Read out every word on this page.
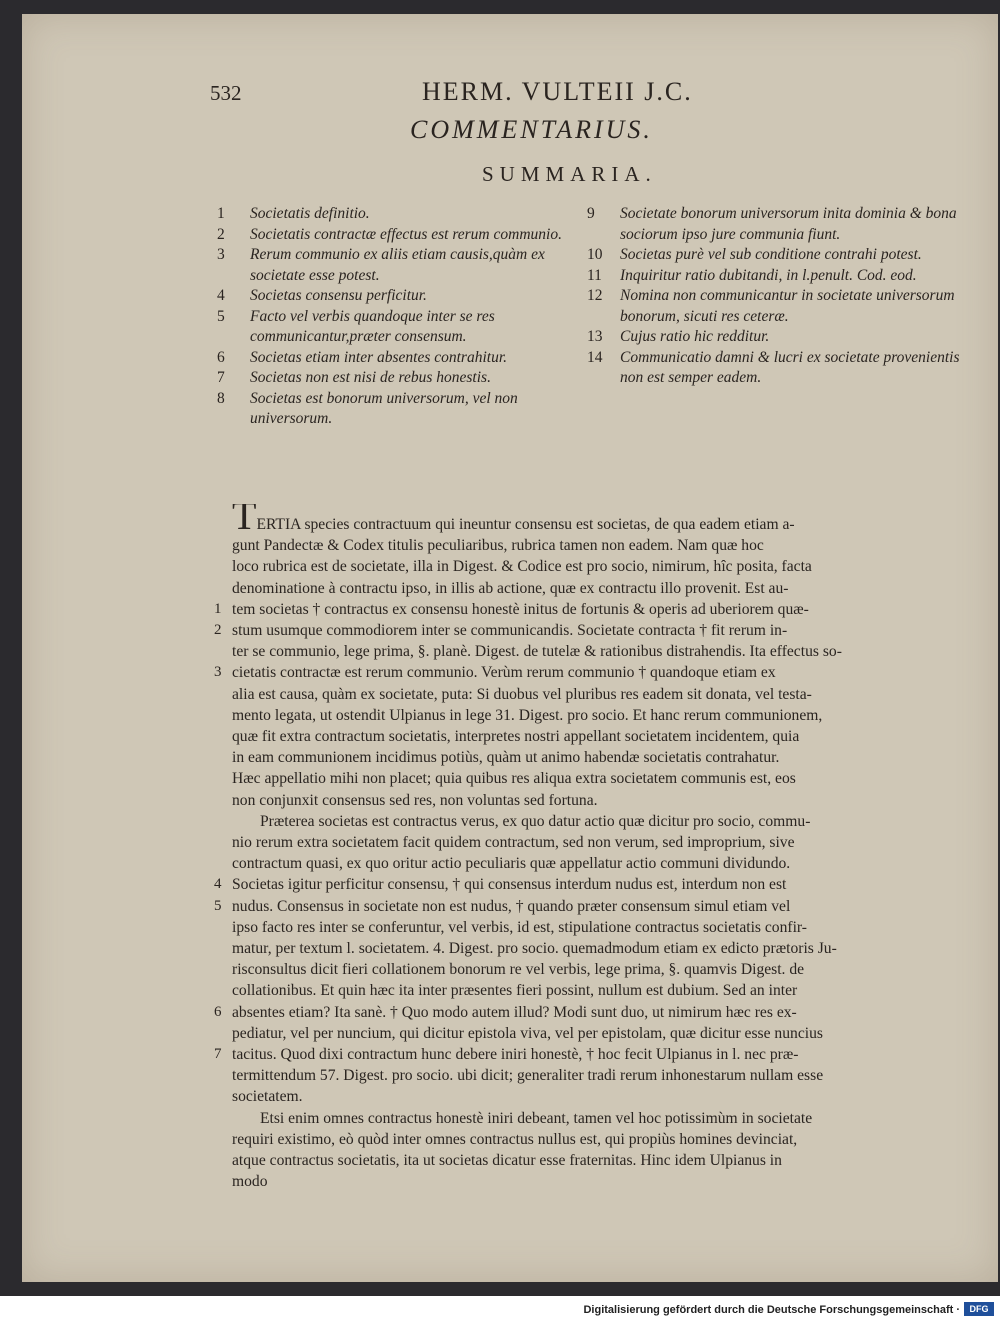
532	HERM. VULTEII J.C.
COMMENTARIUS.
SUMMARIA.
1	Societatis definitio.
2	Societatis contractæ effectus est rerum communio.
3	Rerum communio ex aliis etiam causis,quàm ex societate esse potest.
4	Societas consensu perficitur.
5	Facto vel verbis quandoque inter se res communicantur,præter consensum.
6	Societas etiam inter absentes contrahitur.
7	Societas non est nisi de rebus honestis.
8	Societas est bonorum universorum, vel non universorum.
9	Societate bonorum universorum inita dominia & bona sociorum ipso jure communia fiunt.
10	Societas purè vel sub conditione contrahi potest.
11	Inquiritur ratio dubitandi, in l.penult. Cod. eod.
12	Nomina non communicantur in societate universorum bonorum, sicuti res ceteræ.
13	Cujus ratio hic redditur.
14	Communicatio damni & lucri ex societate provenientis non est semper eadem.
TERTIA species contractuum qui ineuntur consensu est societas, de qua eadem etiam a-
gunt Pandectæ & Codex titulis peculiaribus, rubrica tamen non eadem. Nam quæ hoc
loco rubrica est de societate, illa in Digest. & Codice est pro socio, nimirum, hîc posita, facta
denominatione à contractu ipso, in illis ab actione, quæ ex contractu illo provenit. Est au-
1 tem societas † contractus ex consensu honestè initus de fortunis & operis ad uberiorem quæ-
2 stum usumque commodiorem inter se communicandis. Societate contracta † fit rerum in-
ter se communio, lege prima, §. planè. Digest. de tutelæ & rationibus distrahendis. Ita effectus so-
3 cietatis contractæ est rerum communio. Verùm rerum communio † quandoque etiam ex
alia est causa, quàm ex societate, puta: Si duobus vel pluribus res eadem sit donata, vel testa-
mento legata, ut ostendit Ulpianus in lege 31. Digest. pro socio. Et hanc rerum communionem,
quæ fit extra contractum societatis, interpretes nostri appellant societatem incidentem, quia
in eam communionem incidimus potiùs, quàm ut animo habendæ societatis contrahatur.
Hæc appellatio mihi non placet; quia quibus res aliqua extra societatem communis est, eos
non conjunxit consensus sed res, non voluntas sed fortuna.
Præterea societas est contractus verus, ex quo datur actio quæ dicitur pro socio, commu-
nio rerum extra societatem facit quidem contractum, sed non verum, sed improprium, sive
contractum quasi, ex quo oritur actio peculiaris quæ appellatur actio communi dividundo.
4 Societas igitur perficitur consensu, † qui consensus interdum nudus est, interdum non est
5 nudus. Consensus in societate non est nudus, † quando præter consensum simul etiam vel
ipso facto res inter se conferuntur, vel verbis, id est, stipulatione contractus societatis confir-
matur, per textum l. societatem. 4. Digest. pro socio. quemadmodum etiam ex edicto prætoris Ju-
risconsultus dicit fieri collationem bonorum re vel verbis, lege prima, §. quamvis Digest. de
collationibus. Et quin hæc ita inter præsentes fieri possint, nullum est dubium. Sed an inter
6 absentes etiam? Ita sanè. † Quo modo autem illud? Modi sunt duo, ut nimirum hæc res ex-
pediatur, vel per nuncium, qui dicitur epistola viva, vel per epistolam, quæ dicitur esse nuncius
7 tacitus. Quod dixi contractum hunc debere iniri honestè, † hoc fecit Ulpianus in l. nec præ-
termittendum 57. Digest. pro socio. ubi dicit; generaliter tradi rerum inhonestarum nullam esse
societatem.
Etsi enim omnes contractus honestè iniri debeant, tamen vel hoc potissimùm in societate
requiri existimo, eò quòd inter omnes contractus nullus est, qui propiùs homines devinciat,
atque contractus societatis, ita ut societas dicatur esse fraternitas. Hinc idem Ulpianus in
modo
Digitalisierung gefördert durch die Deutsche Forschungsgemeinschaft ·	DFG
